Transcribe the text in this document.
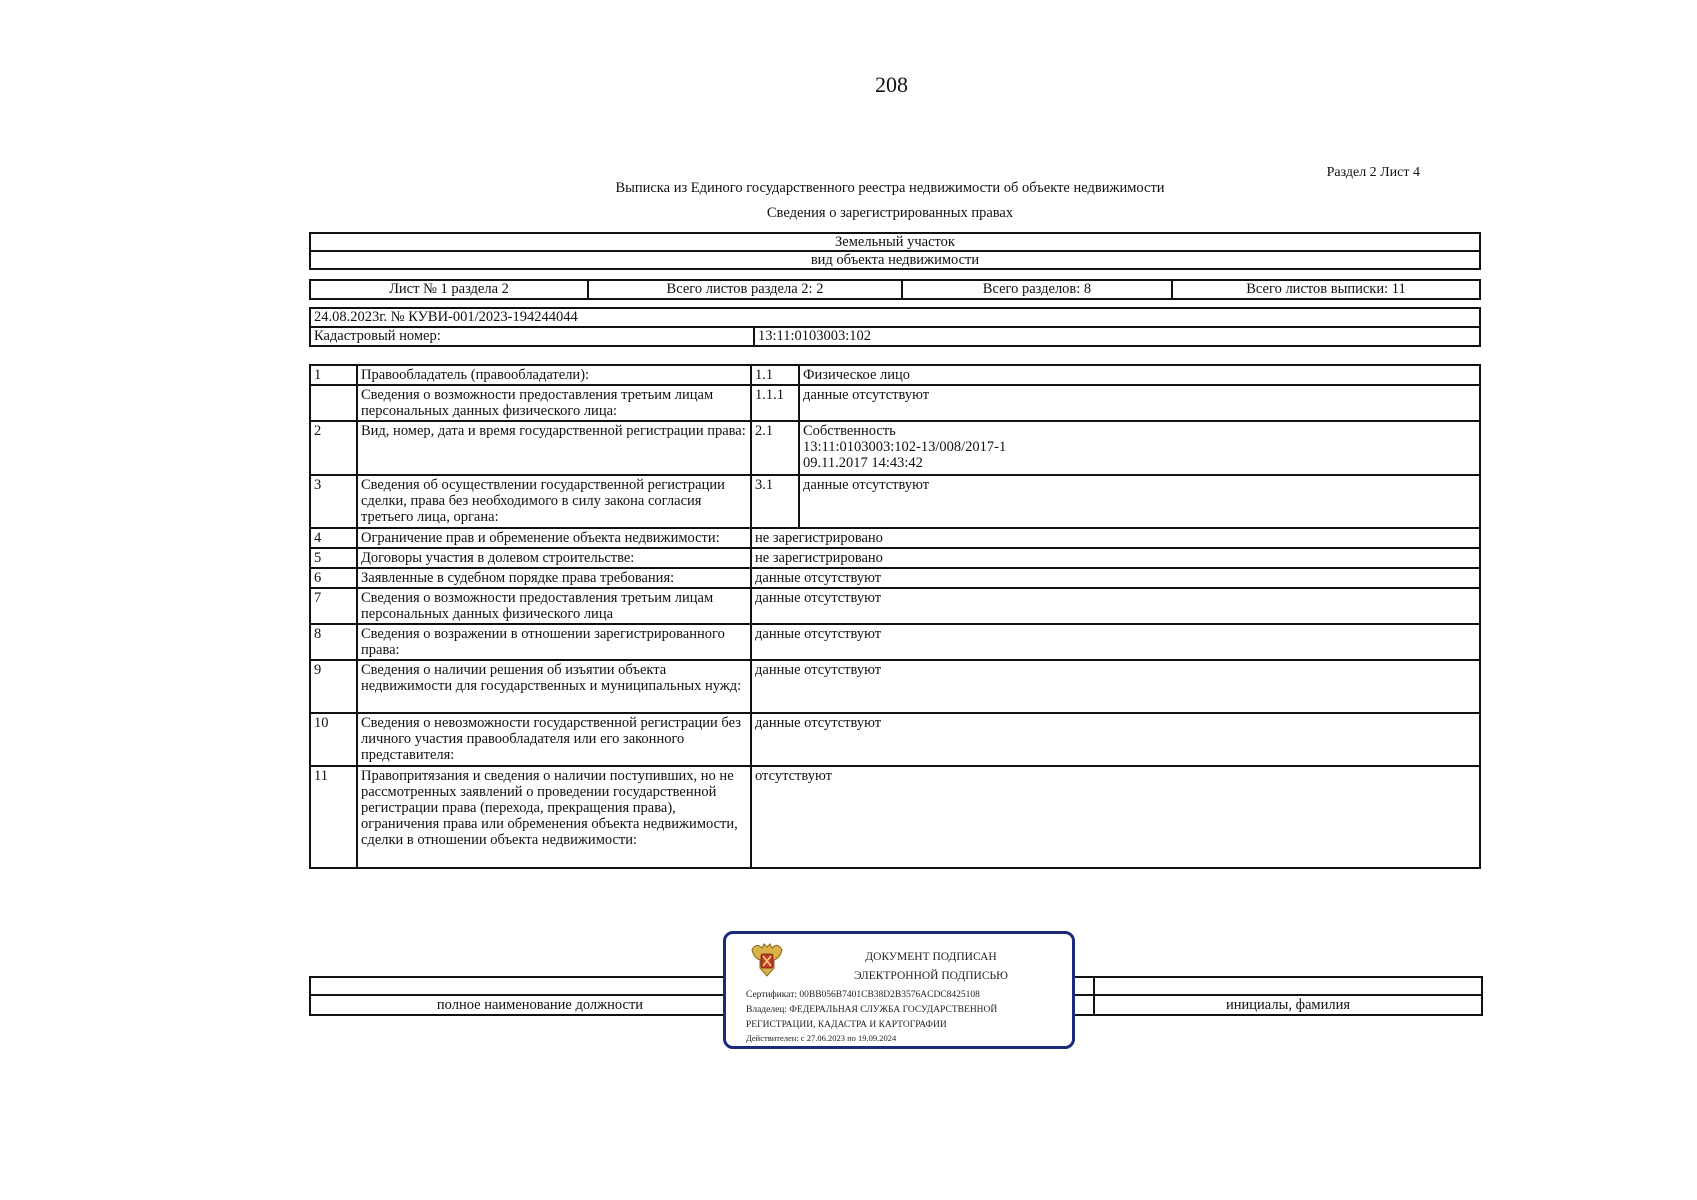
208
Раздел 2 Лист 4
Выписка из Единого государственного реестра недвижимости об объекте недвижимости
Сведения о зарегистрированных правах
Земельный участок
вид объекта недвижимости
Лист № 1 раздела 2	Всего листов раздела 2: 2	Всего разделов: 8	Всего листов выписки: 11
24.08.2023г. № КУВИ-001/2023-194244044
Кадастровый номер:	13:11:0103003:102
1	Правообладатель (правообладатели):	1.1	Физическое лицо
	Сведения о возможности предоставления третьим лицам персональных данных физического лица:	1.1.1	данные отсутствуют
2	Вид, номер, дата и время государственной регистрации права:	2.1	Собственность
13:11:0103003:102-13/008/2017-1
09.11.2017 14:43:42

3	Сведения об осуществлении государственной регистрации сделки, права без необходимого в силу закона согласия третьего лица, органа:	3.1	данные отсутствуют
4	Ограничение прав и обременение объекта недвижимости:	не зарегистрировано	
5	Договоры участия в долевом строительстве:	не зарегистрировано	
6	Заявленные в судебном порядке права требования:	данные отсутствуют	
7	Сведения о возможности предоставления третьим лицам персональных данных физического лица	данные отсутствуют	
8	Сведения о возражении в отношении зарегистрированного права:	данные отсутствуют	
9	Сведения о наличии решения об изъятии объекта недвижимости для государственных и муниципальных нужд:	данные отсутствуют	
10	Сведения о невозможности государственной регистрации без личного участия правообладателя или его законного представителя:	данные отсутствуют	
11	Правопритязания и сведения о наличии поступивших, но не рассмотренных заявлений о проведении государственной регистрации права (перехода, прекращения права), ограничения права или обременения объекта недвижимости, сделки в отношении объекта недвижимости:	отсутствуют	
полное наименование должности	инициалы, фамилия
ДОКУМЕНТ ПОДПИСАН
ЭЛЕКТРОННОЙ ПОДПИСЬЮ
Сертификат: 00BB056B7401CB38D2B3576ACDC8425108
Владелец: ФЕДЕРАЛЬНАЯ СЛУЖБА ГОСУДАРСТВЕННОЙ
РЕГИСТРАЦИИ, КАДАСТРА И КАРТОГРАФИИ
Действителен: с 27.06.2023 по 19.09.2024
